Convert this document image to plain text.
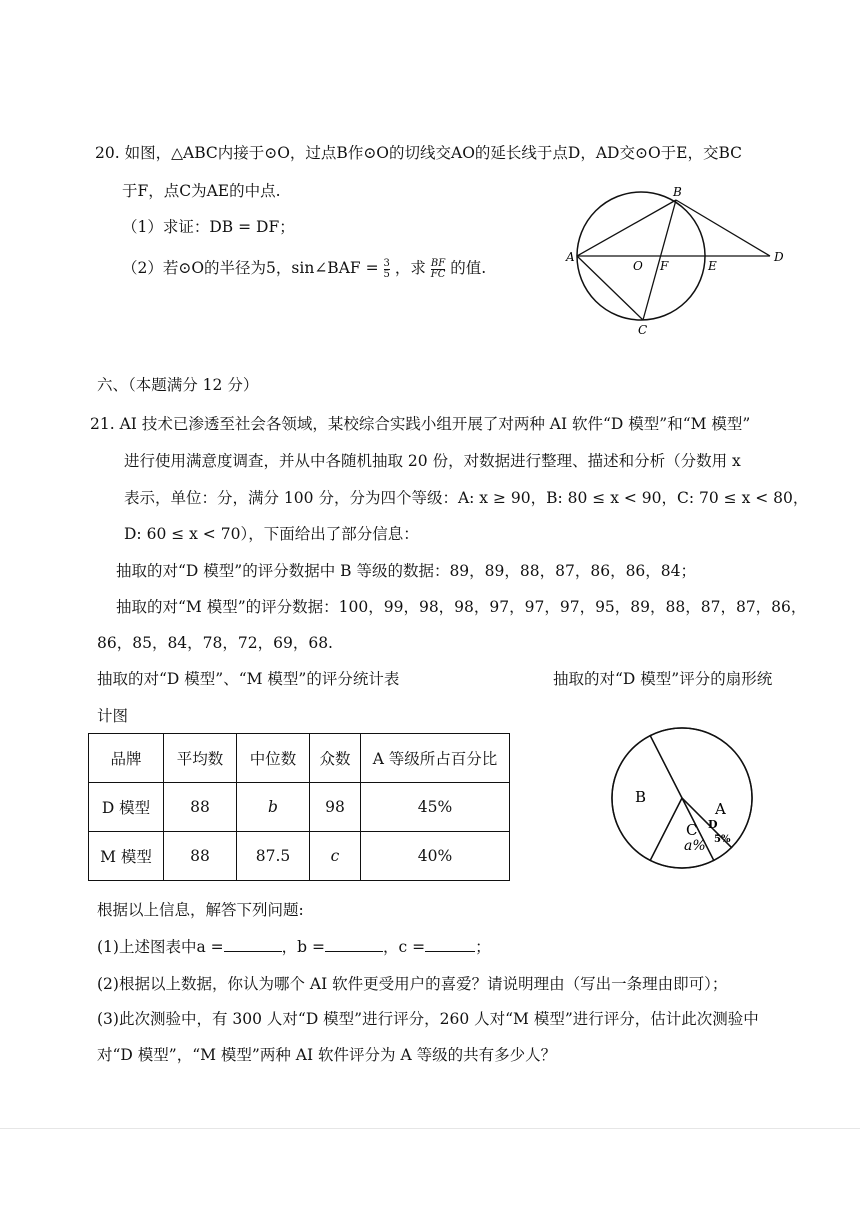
20. 如图，△ABC内接于⊙O，过点B作⊙O的切线交AO的延长线于点D，AD交⊙O于E，交BC
于F，点C为AE的中点.
（1）求证：DB = DF；
（2）若⊙O的半径为5，sin∠BAF = $\frac{3}{5}$ ，求 $\frac{BF}{FC}$ 的值.
A
B
C
D
O F	E
六、（本题满分 12 分）
21. AI 技术已渗透至社会各领域，某校综合实践小组开展了对两种 AI 软件“D 模型”和“M 模型”
进行使用满意度调查，并从中各随机抽取 20 份，对数据进行整理、描述和分析（分数用 x
表示，单位：分，满分 100 分，分为四个等级：A: x ≥ 90，B: 80 ≤ x < 90，C: 70 ≤ x < 80，
D: 60 ≤ x < 70），下面给出了部分信息：
抽取的对“D 模型”的评分数据中 B 等级的数据：89，89，88，87，86，86，84；
抽取的对“M 模型”的评分数据：100，99，98，98，97，97，97，95，89，88，87，87，86，
86，85，84，78，72，69，68.
抽取的对“D 模型”、“M 模型”的评分统计表	抽取的对“D 模型”评分的扇形统
计图
品牌	平均数	中位数	众数	A 等级所占百分比
D 模型	88	b	98	45%
M 模型	88	87.5	c	40%
A
B
C
a%
D
5%
根据以上信息，解答下列问题:
(1)上述图表中a =	，b =	，c =	；
(2)根据以上数据，你认为哪个 AI 软件更受用户的喜爱？请说明理由（写出一条理由即可）；
(3)此次测验中，有 300 人对“D 模型”进行评分，260 人对“M 模型”进行评分，估计此次测验中
对“D 模型”，“M 模型”两种 AI 软件评分为 A 等级的共有多少人？
